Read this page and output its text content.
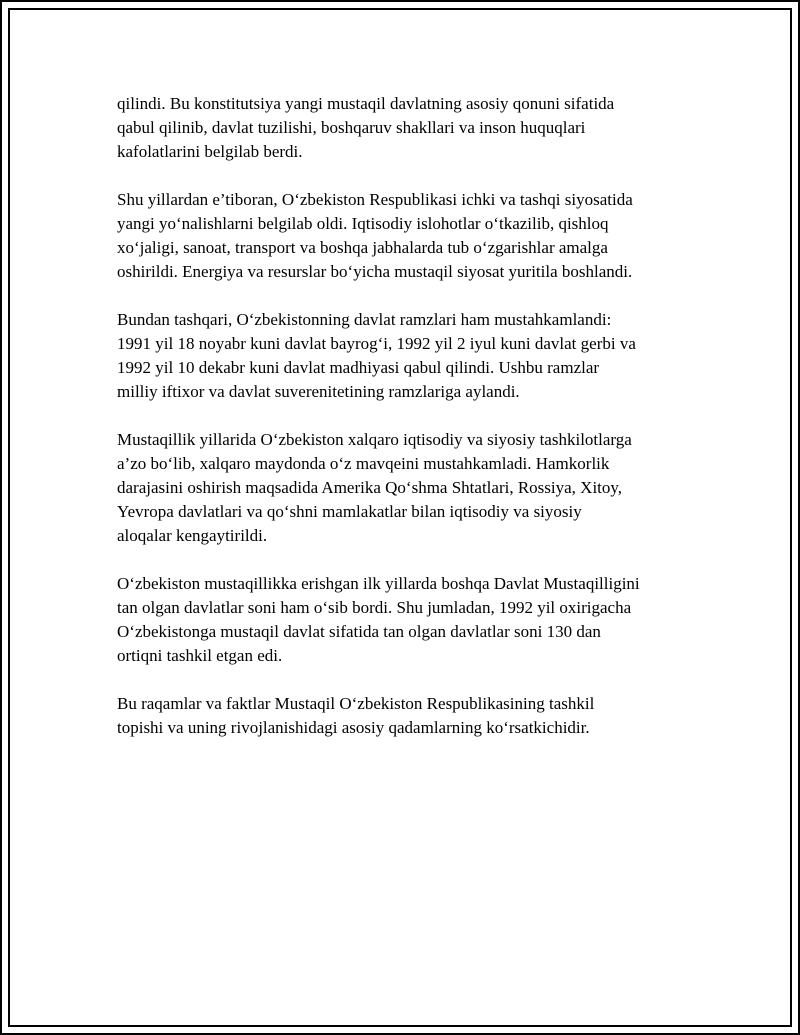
qilindi. Bu konstitutsiya yangi mustaqil davlatning asosiy qonuni sifatida
qabul qilinib, davlat tuzilishi, boshqaruv shakllari va inson huquqlari
kafolatlarini belgilab berdi.

Shu yillardan e’tiboran, O‘zbekiston Respublikasi ichki va tashqi siyosatida
yangi yo‘nalishlarni belgilab oldi. Iqtisodiy islohotlar o‘tkazilib, qishloq
xo‘jaligi, sanoat, transport va boshqa jabhalarda tub o‘zgarishlar amalga
oshirildi. Energiya va resurslar bo‘yicha mustaqil siyosat yuritila boshlandi.

Bundan tashqari, O‘zbekistonning davlat ramzlari ham mustahkamlandi:
1991 yil 18 noyabr kuni davlat bayrog‘i, 1992 yil 2 iyul kuni davlat gerbi va
1992 yil 10 dekabr kuni davlat madhiyasi qabul qilindi. Ushbu ramzlar
milliy iftixor va davlat suverenitetining ramzlariga aylandi.

Mustaqillik yillarida O‘zbekiston xalqaro iqtisodiy va siyosiy tashkilotlarga
a’zo bo‘lib, xalqaro maydonda o‘z mavqeini mustahkamladi. Hamkorlik
darajasini oshirish maqsadida Amerika Qo‘shma Shtatlari, Rossiya, Xitoy,
Yevropa davlatlari va qo‘shni mamlakatlar bilan iqtisodiy va siyosiy
aloqalar kengaytirildi.

O‘zbekiston mustaqillikka erishgan ilk yillarda boshqa Davlat Mustaqilligini
tan olgan davlatlar soni ham o‘sib bordi. Shu jumladan, 1992 yil oxirigacha
O‘zbekistonga mustaqil davlat sifatida tan olgan davlatlar soni 130 dan
ortiqni tashkil etgan edi.

Bu raqamlar va faktlar Mustaqil O‘zbekiston Respublikasining tashkil
topishi va uning rivojlanishidagi asosiy qadamlarning ko‘rsatkichidir.
